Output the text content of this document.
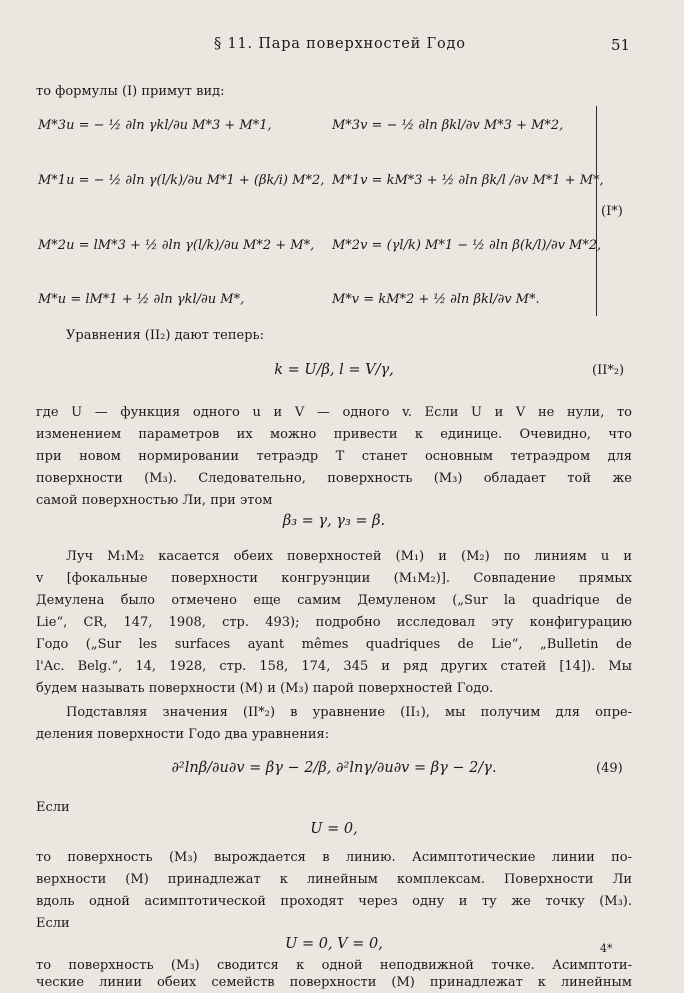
§ 11. Пара поверхностей Годо	51
то формулы (I) примут вид:
M*3u = − ½ ∂ln γkl/∂u M*3 + M*1,	M*3v = − ½ ∂ln βkl/∂v M*3 + M*2,
M*1u = − ½ ∂ln γ(l/k)/∂u M*1 + (βk/i) M*2, M*1v = kM*3 + ½ ∂ln βk/l /∂v M*1 + M*,
M*2u = lM*3 + ½ ∂ln γ(l/k)/∂u M*2 + M*, M*2v = (γl/k) M*1 − ½ ∂ln β(k/l)/∂v M*2,
M*u = lM*1 + ½ ∂ln γkl/∂u M*,	M*v = kM*2 + ½ ∂ln βkl/∂v M*.
(I*)
Уравнения (II₂) дают теперь:
k = U/β, l = V/γ,	(II*₂)
где U — функция одного u и V — одного v. Если U и V не нули, то
изменением параметров их можно привести к единице. Очевидно, что
при новом нормировании тетраэдр T станет основным тетраэдром для
поверхности (M₃). Следовательно, поверхность (M₃) обладает той же
самой поверхностью Ли, при этом
β₃ = γ, γ₃ = β.
Луч M₁M₂ касается обеих поверхностей (M₁) и (M₂) по линиям u и
v [фокальные поверхности конгруэнции (M₁M₂)]. Совпадение прямых
Демулена было отмечено еще самим Демуленом („Sur la quadrique de
Lie“, CR, 147, 1908, стр. 493); подробно исследовал эту конфигурацию
Годо („Sur les surfaces ayant mêmes quadriques de Lie“, „Bulletin de
l'Ac. Belg.“, 14, 1928, стр. 158, 174, 345 и ряд других статей [14]). Мы
будем называть поверхности (M) и (M₃) парой поверхностей Годо.
Подставляя значения (II*₂) в уравнение (II₁), мы получим для опре-
деления поверхности Годо два уравнения:
∂²lnβ/∂u∂v = βγ − 2/β, ∂²lnγ/∂u∂v = βγ − 2/γ.	(49)
Если
U = 0,
то поверхность (M₃) вырождается в линию. Асимптотические линии по-
верхности (M) принадлежат к линейным комплексам. Поверхности Ли
вдоль одной асимптотической проходят через одну и ту же точку (M₃).
Если
U = 0, V = 0,
то поверхность (M₃) сводится к одной неподвижной точке. Асимптоти-
ческие линии обеих семейств поверхности (M) принадлежат к линейным
4*
